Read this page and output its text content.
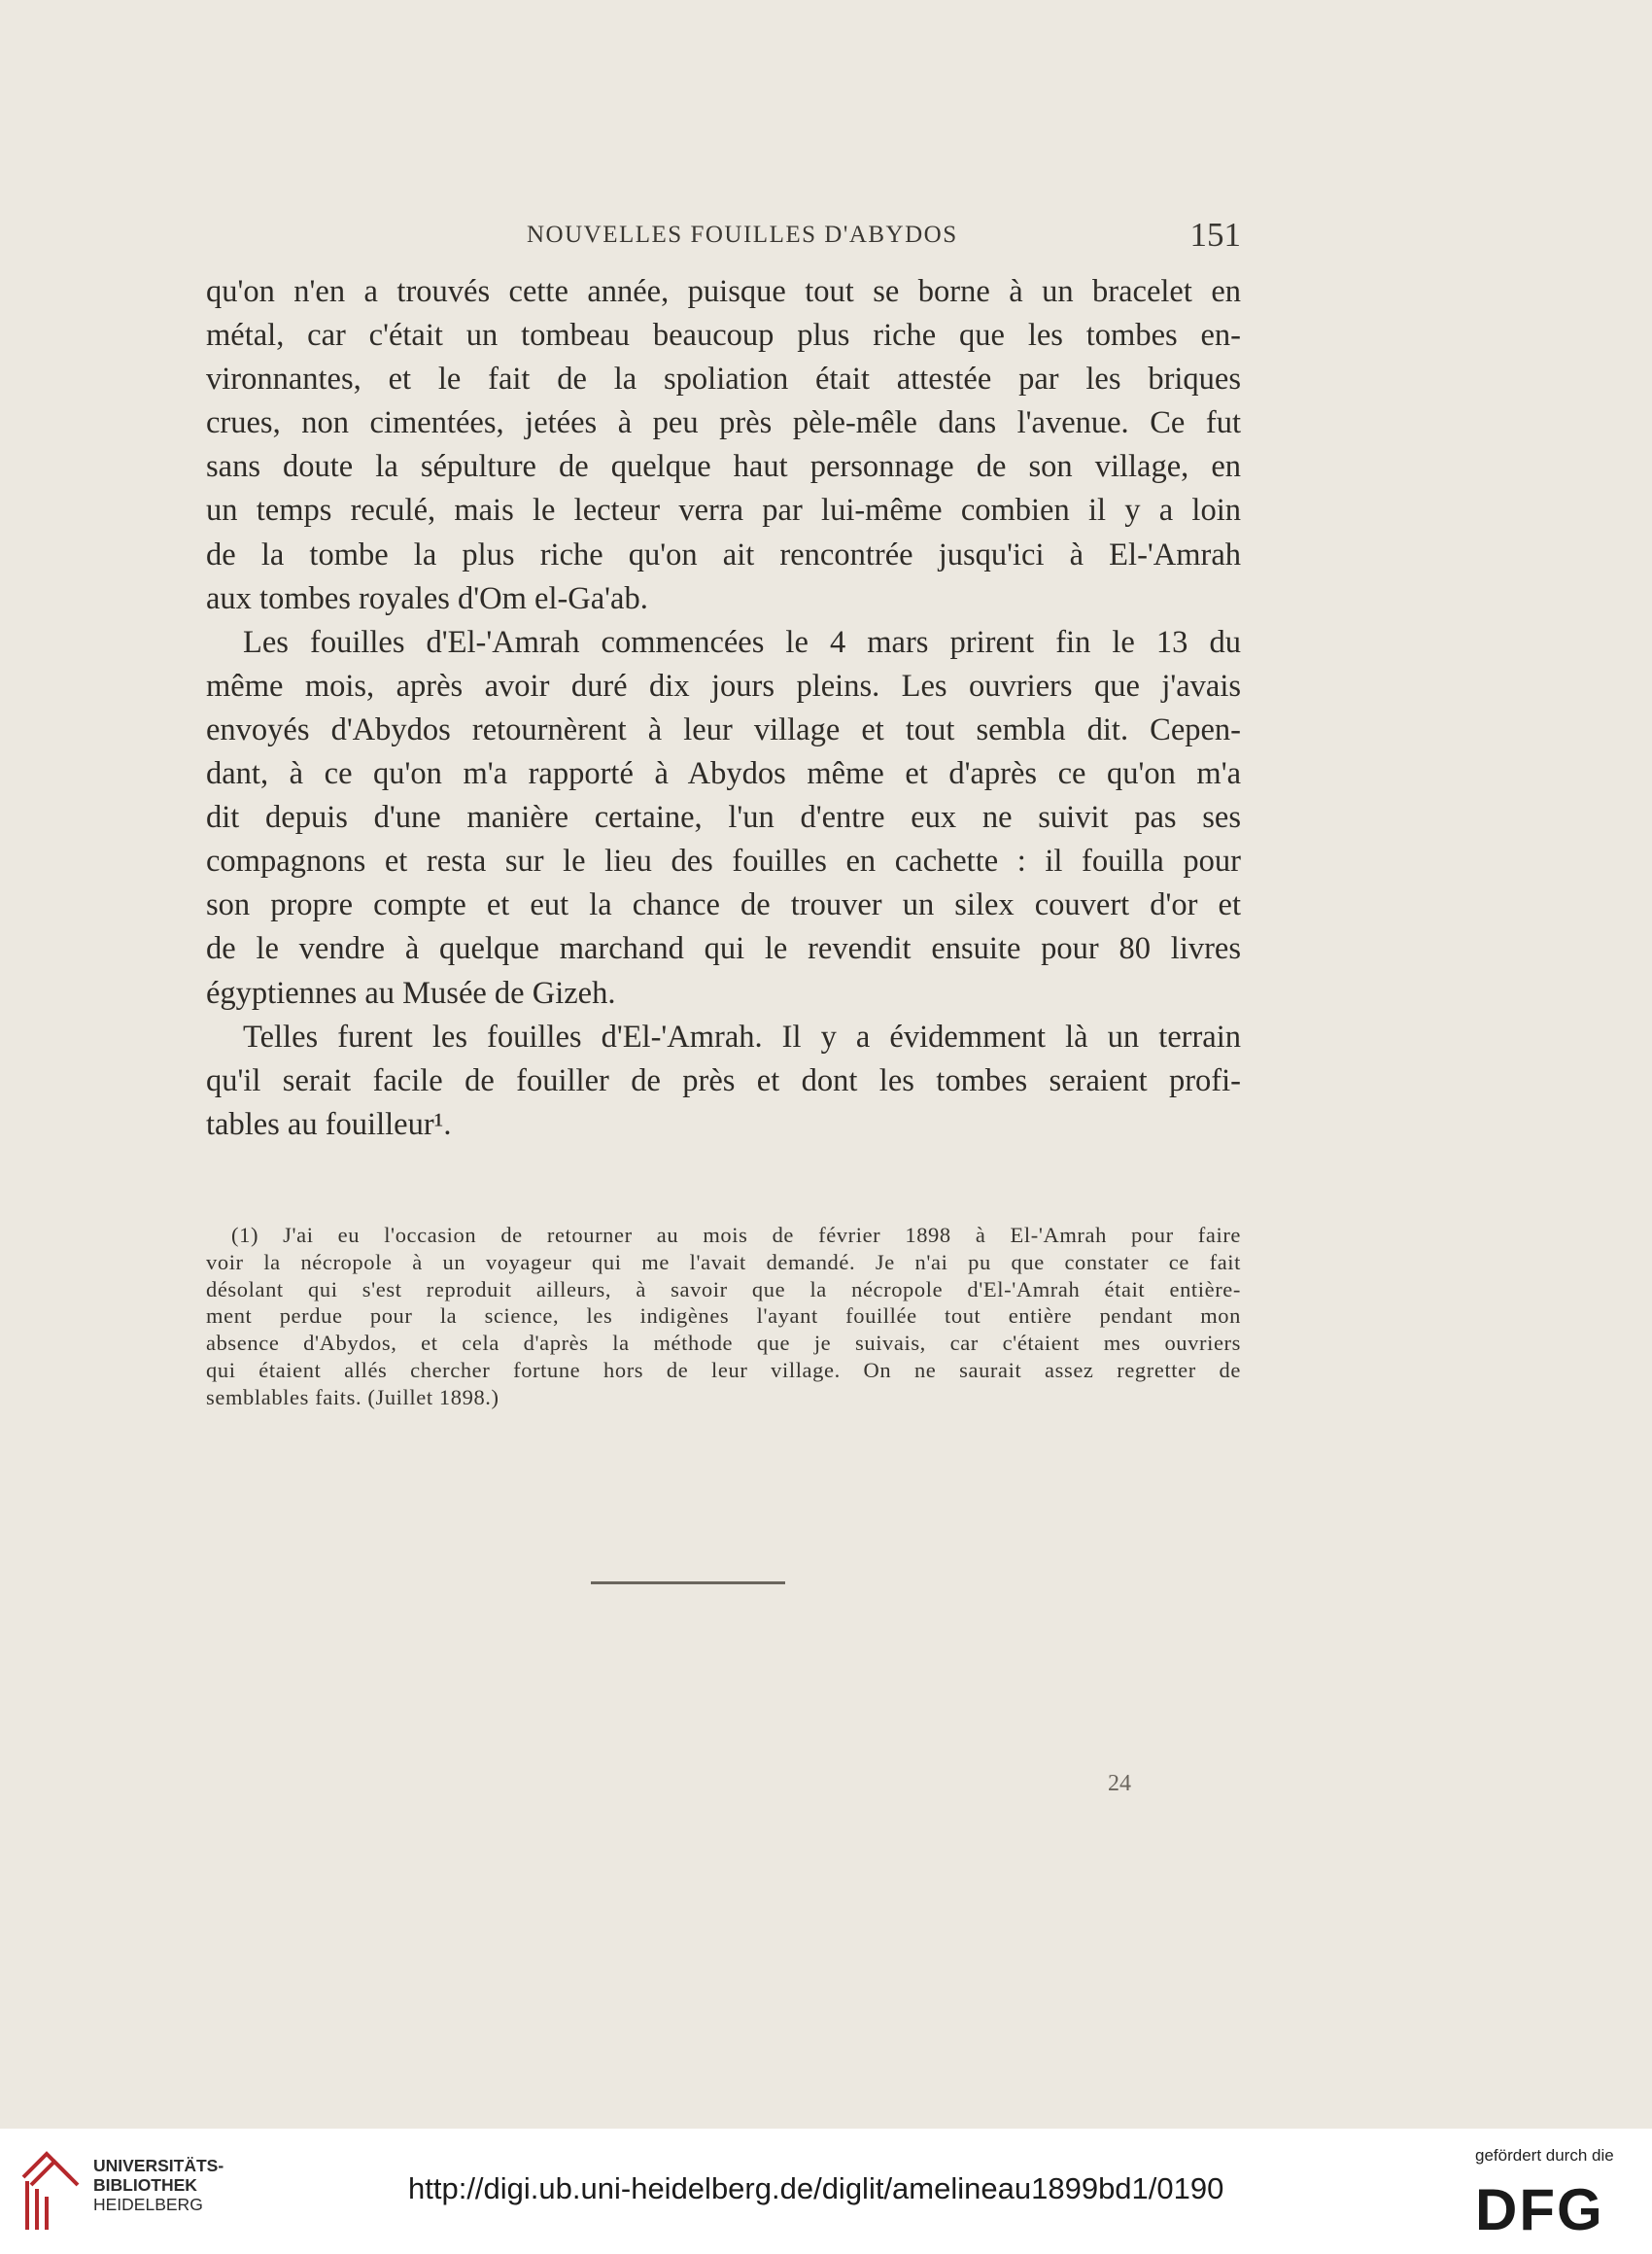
NOUVELLES FOUILLES D'ABYDOS	151
qu'on n'en a trouvés cette année, puisque tout se borne à un bracelet en
métal, car c'était un tombeau beaucoup plus riche que les tombes en-
vironnantes, et le fait de la spoliation était attestée par les briques
crues, non cimentées, jetées à peu près pèle-mêle dans l'avenue. Ce fut
sans doute la sépulture de quelque haut personnage de son village, en
un temps reculé, mais le lecteur verra par lui-même combien il y a loin
de la tombe la plus riche qu'on ait rencontrée jusqu'ici à El-'Amrah
aux tombes royales d'Om el-Ga'ab.
Les fouilles d'El-'Amrah commencées le 4 mars prirent fin le 13 du
même mois, après avoir duré dix jours pleins. Les ouvriers que j'avais
envoyés d'Abydos retournèrent à leur village et tout sembla dit. Cepen-
dant, à ce qu'on m'a rapporté à Abydos même et d'après ce qu'on m'a
dit depuis d'une manière certaine, l'un d'entre eux ne suivit pas ses
compagnons et resta sur le lieu des fouilles en cachette : il fouilla pour
son propre compte et eut la chance de trouver un silex couvert d'or et
de le vendre à quelque marchand qui le revendit ensuite pour 80 livres
égyptiennes au Musée de Gizeh.
Telles furent les fouilles d'El-'Amrah. Il y a évidemment là un terrain
qu'il serait facile de fouiller de près et dont les tombes seraient profi-
tables au fouilleur¹.
(1) J'ai eu l'occasion de retourner au mois de février 1898 à El-'Amrah pour faire
voir la nécropole à un voyageur qui me l'avait demandé. Je n'ai pu que constater ce fait
désolant qui s'est reproduit ailleurs, à savoir que la nécropole d'El-'Amrah était entière-
ment perdue pour la science, les indigènes l'ayant fouillée tout entière pendant mon
absence d'Abydos, et cela d'après la méthode que je suivais, car c'étaient mes ouvriers
qui étaient allés chercher fortune hors de leur village. On ne saurait assez regretter de
semblables faits. (Juillet 1898.)
24
UNIVERSITÄTS-
BIBLIOTHEK
HEIDELBERG	http://digi.ub.uni-heidelberg.de/diglit/amelineau1899bd1/0190
gefördert durch die
DFG
